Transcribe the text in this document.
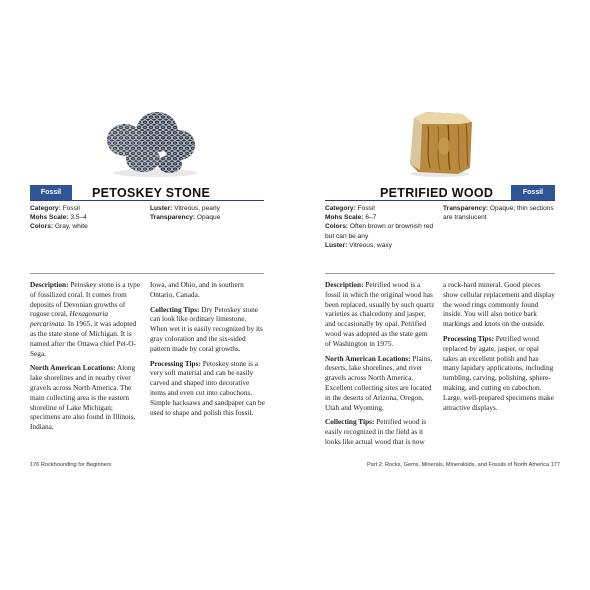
Fossil	PETOSKEY STONE
Category: Fossil
Mohs Scale: 3.5–4
Colors: Gray, white
Luster: Vitreous, pearly
Transparency: Opaque

Description: Petoskey stone is a type of fossilized coral. It comes from deposits of Devonian growths of rugose coral, Hexagonaria percarinata. In 1965, it was adopted as the state stone of Michigan. It is named after the Ottawa chief Pet-O-Sega.

North American Locations: Along lake shorelines and in nearby river gravels across North America. The main collecting area is the eastern shoreline of Lake Michigan; specimens are also found in Illinois, Indiana,

Iowa, and Ohio, and in southern Ontario, Canada.

Collecting Tips: Dry Petoskey stone can look like ordinary limestone. When wet it is easily recognized by its gray coloration and the six-sided pattern made by coral growths.

Processing Tips: Petoskey stone is a very soft material and can be easily carved and shaped into decorative items and even cut into cabochons. Simple hacksaws and sandpaper can be used to shape and polish this fossil.

176 Rockhounding for Beginners
PETRIFIED WOOD	Fossil
Category: Fossil
Mohs Scale: 6–7
Colors: Often brown or brownish red but can be any
Luster: Vitreous, waxy
Transparency: Opaque; thin sections are translucent

Description: Petrified wood is a fossil in which the original wood has been replaced, usually by such quartz varieties as chalcedony and jasper, and occasionally by opal. Petrified wood was adopted as the state gem of Washington in 1975.

North American Locations: Plains, deserts, lake shorelines, and river gravels across North America. Excellent collecting sites are located in the deserts of Arizona, Oregon, Utah and Wyoming.

Collecting Tips: Petrified wood is easily recognized in the field as it looks like actual wood that is now

a rock-hard mineral. Good pieces show cellular replacement and display the wood rings commonly found inside. You will also notice bark markings and knots on the outside.

Processing Tips: Petrified wood replaced by agate, jasper, or opal takes an excellent polish and has many lapidary applications, including tumbling, carving, polishing, sphere-making, and cutting en cabochon. Large, well-prepared specimens make attractive displays.

Part 2: Rocks, Gems, Minerals, Mineraloids, and Fossils of North America 177
